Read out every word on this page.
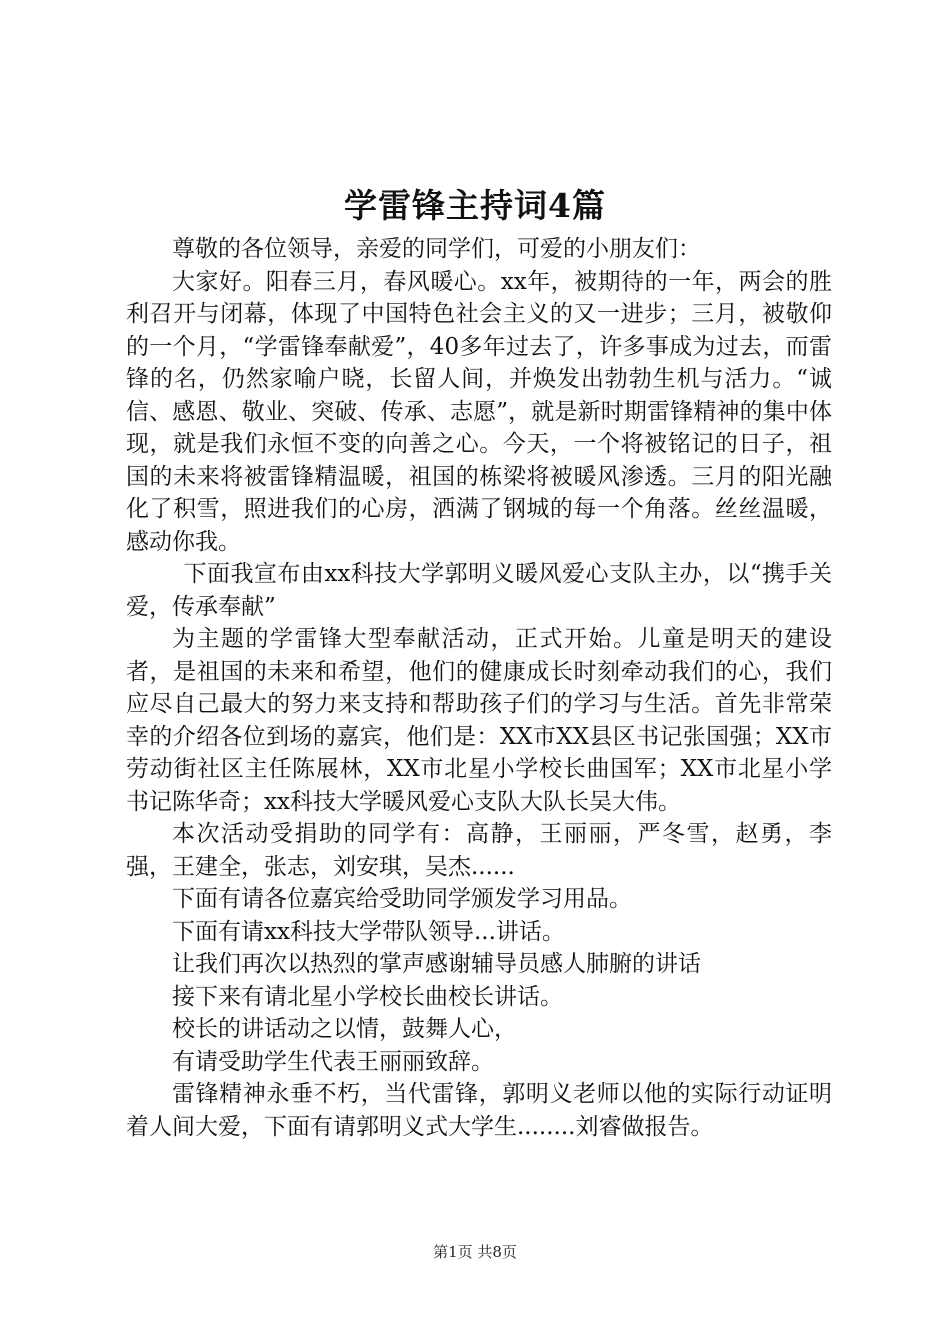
学雷锋主持词4篇

尊敬的各位领导，亲爱的同学们，可爱的小朋友们：

大家好。阳春三月，春风暖心。xx年，被期待的一年，两会的胜利召开与闭幕，体现了中国特色社会主义的又一进步；三月，被敬仰的一个月，“学雷锋奉献爱”，40多年过去了，许多事成为过去，而雷锋的名，仍然家喻户晓，长留人间，并焕发出勃勃生机与活力。“诚信、感恩、敬业、突破、传承、志愿”，就是新时期雷锋精神的集中体现，就是我们永恒不变的向善之心。今天，一个将被铭记的日子，祖国的未来将被雷锋精温暖，祖国的栋梁将被暖风渗透。三月的阳光融化了积雪，照进我们的心房，洒满了钢城的每一个角落。丝丝温暖，感动你我。

下面我宣布由xx科技大学郭明义暖风爱心支队主办，以“携手关爱，传承奉献”

为主题的学雷锋大型奉献活动，正式开始。儿童是明天的建设者，是祖国的未来和希望，他们的健康成长时刻牵动我们的心，我们应尽自己最大的努力来支持和帮助孩子们的学习与生活。首先非常荣幸的介绍各位到场的嘉宾，他们是：XX市XX县区书记张国强；XX市劳动街社区主任陈展林，XX市北星小学校长曲国军；XX市北星小学书记陈华奇；xx科技大学暖风爱心支队大队长吴大伟。

本次活动受捐助的同学有：高静，王丽丽，严冬雪，赵勇，李强，王建全，张志，刘安琪，吴杰......

下面有请各位嘉宾给受助同学颁发学习用品。

下面有请xx科技大学带队领导...讲话。

让我们再次以热烈的掌声感谢辅导员感人肺腑的讲话

接下来有请北星小学校长曲校长讲话。

校长的讲话动之以情，鼓舞人心，

有请受助学生代表王丽丽致辞。

雷锋精神永垂不朽，当代雷锋，郭明义老师以他的实际行动证明着人间大爱，下面有请郭明义式大学生........刘睿做报告。

第1页 共8页
